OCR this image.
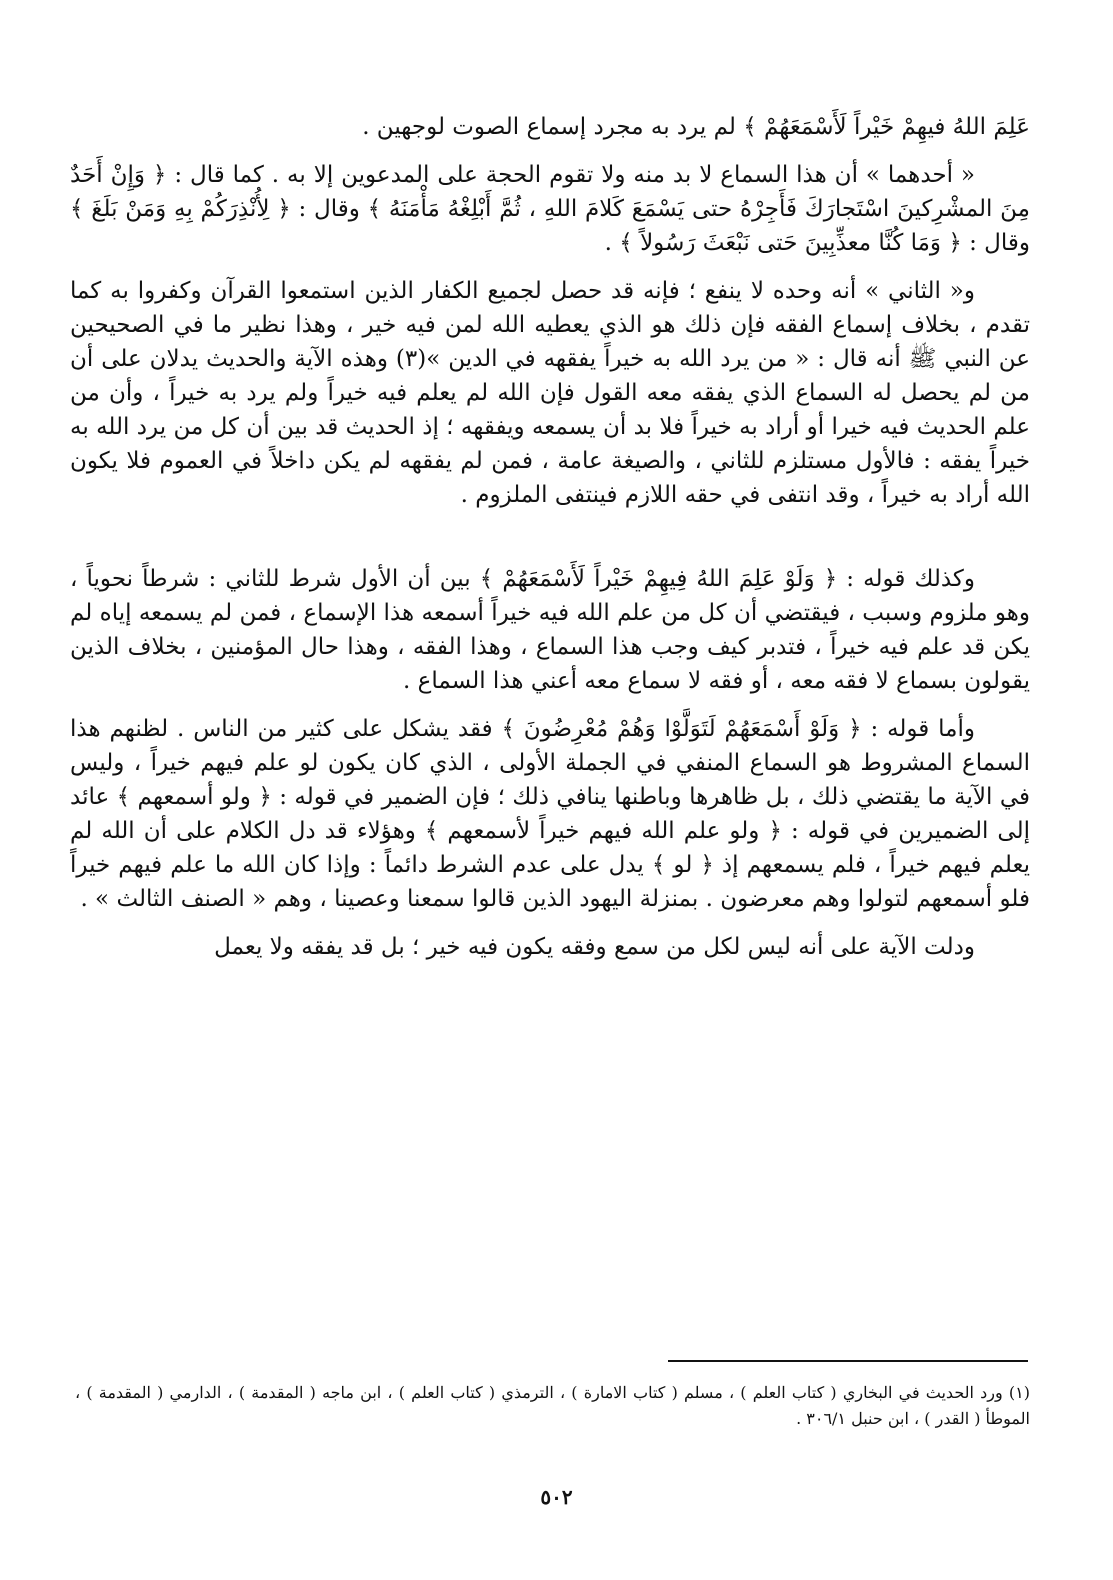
عَلِمَ اللهُ فيهِمْ خَيْراً لَأَسْمَعَهُمْ ﴾ لم يرد به مجرد إسماع الصوت لوجهين .

« أحدهما » أن هذا السماع لا بد منه ولا تقوم الحجة على المدعوين إلا به . كما قال : ﴿ وَإِنْ أَحَدٌ مِنَ المشْرِكينَ اسْتَجارَكَ فَأَجِرْهُ حتى يَسْمَعَ كَلامَ اللهِ ، ثُمَّ أَبْلِغْهُ مَأْمَنَهُ ﴾ وقال : ﴿ لِأُنْذِرَكُمْ بِهِ وَمَنْ بَلَغَ ﴾ وقال : ﴿ وَمَا كُنَّا معذِّبِينَ حَتى نَبْعَثَ رَسُولاً ﴾ .

و« الثاني » أنه وحده لا ينفع ؛ فإنه قد حصل لجميع الكفار الذين استمعوا القرآن وكفروا به كما تقدم ، بخلاف إسماع الفقه فإن ذلك هو الذي يعطيه الله لمن فيه خير ، وهذا نظير ما في الصحيحين عن النبي ﷺ أنه قال : « من يرد الله به خيراً يفقهه في الدين »(٣) وهذه الآية والحديث يدلان على أن من لم يحصل له السماع الذي يفقه معه القول فإن الله لم يعلم فيه خيراً ولم يرد به خيراً ، وأن من علم الحديث فيه خيرا أو أراد به خيراً فلا بد أن يسمعه ويفقهه ؛ إذ الحديث قد بين أن كل من يرد الله به خيراً يفقه : فالأول مستلزم للثاني ، والصيغة عامة ، فمن لم يفقهه لم يكن داخلاً في العموم فلا يكون الله أراد به خيراً ، وقد انتفى في حقه اللازم فينتفى الملزوم .

وكذلك قوله : ﴿ وَلَوْ عَلِمَ اللهُ فِيهِمْ خَيْراً لَأَسْمَعَهُمْ ﴾ بين أن الأول شرط للثاني : شرطاً نحوياً ، وهو ملزوم وسبب ، فيقتضي أن كل من علم الله فيه خيراً أسمعه هذا الإسماع ، فمن لم يسمعه إياه لم يكن قد علم فيه خيراً ، فتدبر كيف وجب هذا السماع ، وهذا الفقه ، وهذا حال المؤمنين ، بخلاف الذين يقولون بسماع لا فقه معه ، أو فقه لا سماع معه أعني هذا السماع .

وأما قوله : ﴿ وَلَوْ أَسْمَعَهُمْ لَتَوَلَّوْا وَهُمْ مُعْرِضُونَ ﴾ فقد يشكل على كثير من الناس . لظنهم هذا السماع المشروط هو السماع المنفي في الجملة الأولى ، الذي كان يكون لو علم فيهم خيراً ، وليس في الآية ما يقتضي ذلك ، بل ظاهرها وباطنها ينافي ذلك ؛ فإن الضمير في قوله : ﴿ ولو أسمعهم ﴾ عائد إلى الضميرين في قوله : ﴿ ولو علم الله فيهم خيراً لأسمعهم ﴾ وهؤلاء قد دل الكلام على أن الله لم يعلم فيهم خيراً ، فلم يسمعهم إذ ﴿ لو ﴾ يدل على عدم الشرط دائماً : وإذا كان الله ما علم فيهم خيراً فلو أسمعهم لتولوا وهم معرضون . بمنزلة اليهود الذين قالوا سمعنا وعصينا ، وهم « الصنف الثالث » .

ودلت الآية على أنه ليس لكل من سمع وفقه يكون فيه خير ؛ بل قد يفقه ولا يعمل

(١) ورد الحديث في البخاري ( كتاب العلم ) ، مسلم ( كتاب الامارة ) ، الترمذي ( كتاب العلم ) ، ابن ماجه ( المقدمة ) ، الدارمي ( المقدمة ) ، الموطأ ( القدر ) ، ابن حنبل ٣٠٦/١ .

٥٠٢
